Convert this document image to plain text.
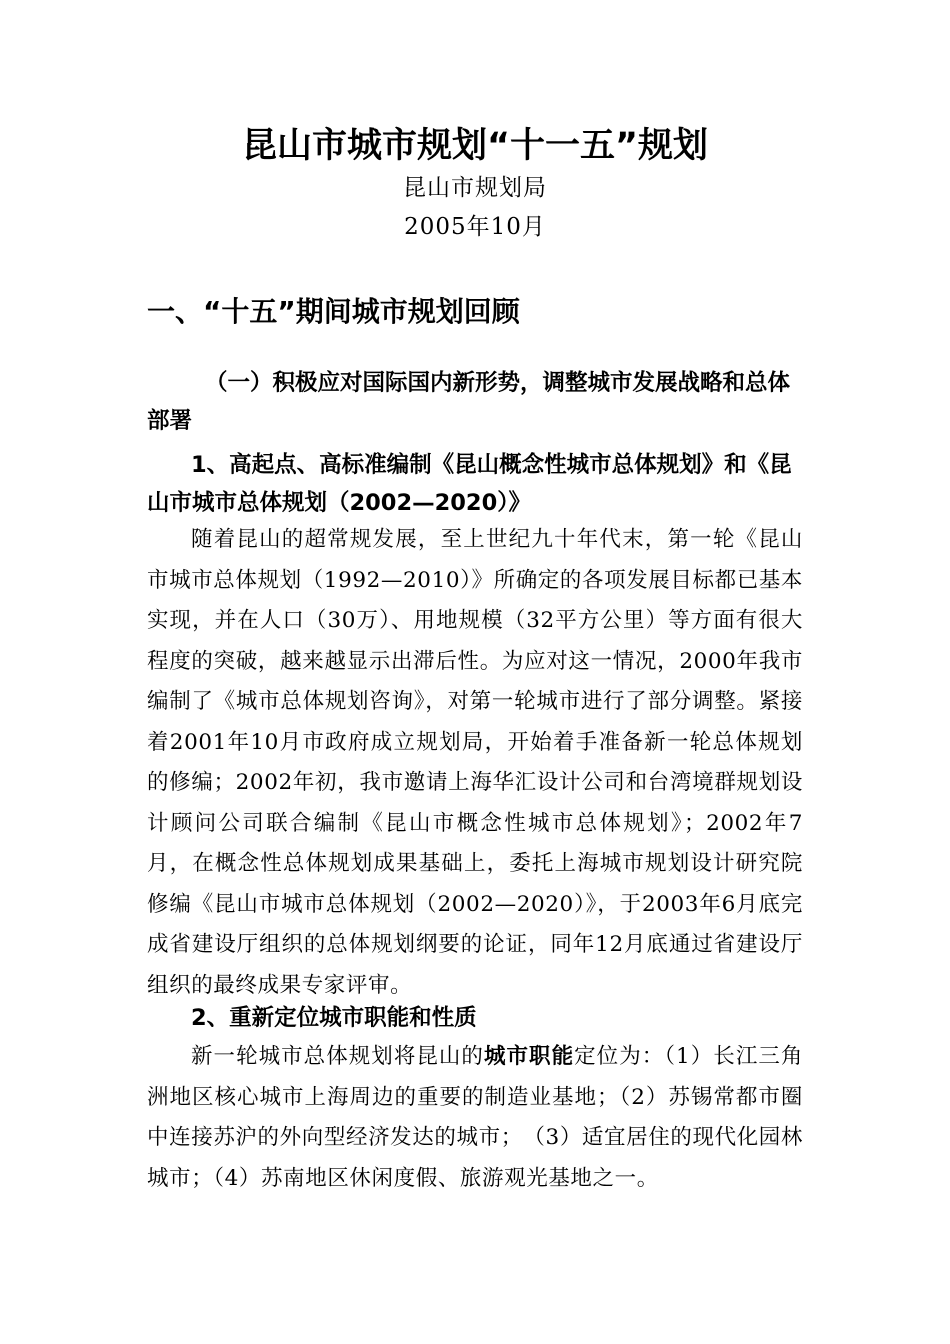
昆山市城市规划“十一五”规划
昆山市规划局
2005年10月
一、“十五”期间城市规划回顾
（一）积极应对国际国内新形势，调整城市发展战略和总体部署
1、高起点、高标准编制《昆山概念性城市总体规划》和《昆山市城市总体规划（2002—2020）》
随着昆山的超常规发展，至上世纪九十年代末，第一轮《昆山市城市总体规划（1992—2010）》所确定的各项发展目标都已基本实现，并在人口（30万）、用地规模（32平方公里）等方面有很大程度的突破，越来越显示出滞后性。为应对这一情况，2000年我市编制了《城市总体规划咨询》，对第一轮城市进行了部分调整。紧接着2001年10月市政府成立规划局，开始着手准备新一轮总体规划的修编；2002年初，我市邀请上海华汇设计公司和台湾境群规划设计顾问公司联合编制《昆山市概念性城市总体规划》；2002年7月，在概念性总体规划成果基础上，委托上海城市规划设计研究院修编《昆山市城市总体规划（2002—2020）》，于2003年6月底完成省建设厅组织的总体规划纲要的论证，同年12月底通过省建设厅组织的最终成果专家评审。
2、重新定位城市职能和性质
新一轮城市总体规划将昆山的城市职能定位为：（1）长江三角洲地区核心城市上海周边的重要的制造业基地；（2）苏锡常都市圈中连接苏沪的外向型经济发达的城市；　（3）适宜居住的现代化园林城市；（4）苏南地区休闲度假、旅游观光基地之一。
